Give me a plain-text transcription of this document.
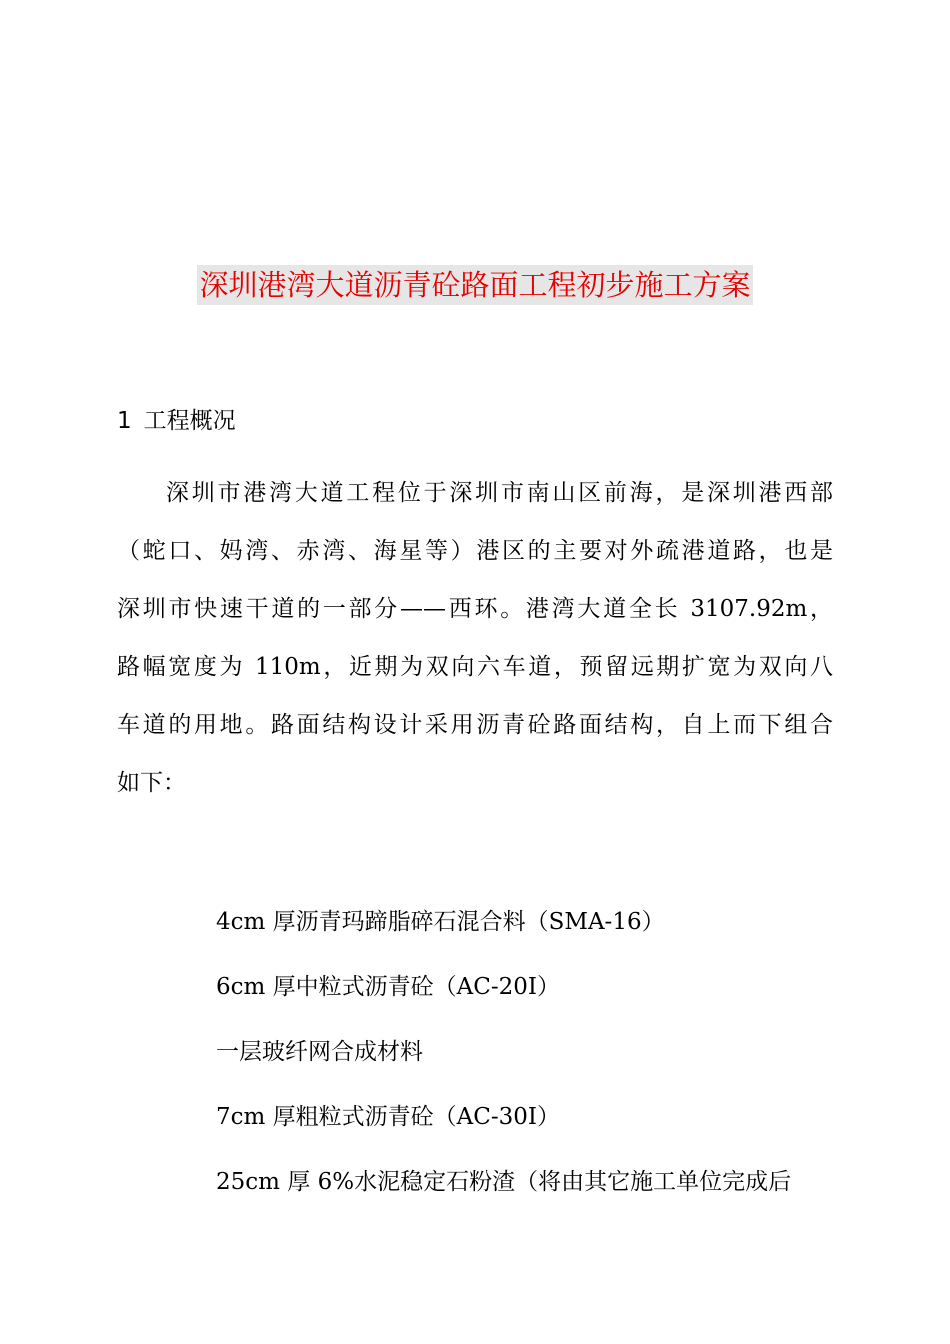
深圳港湾大道沥青砼路面工程初步施工方案
1 工程概况
深圳市港湾大道工程位于深圳市南山区前海，是深圳港西部
（蛇口、妈湾、赤湾、海星等）港区的主要对外疏港道路，也是
深圳市快速干道的一部分——西环。港湾大道全长 3107.92m，
路幅宽度为 110m，近期为双向六车道，预留远期扩宽为双向八
车道的用地。路面结构设计采用沥青砼路面结构，自上而下组合
如下：
4cm 厚沥青玛蹄脂碎石混合料（SMA-16）
6cm 厚中粒式沥青砼（AC-20I）
一层玻纤网合成材料
7cm 厚粗粒式沥青砼（AC-30I）
25cm 厚 6%水泥稳定石粉渣（将由其它施工单位完成后
